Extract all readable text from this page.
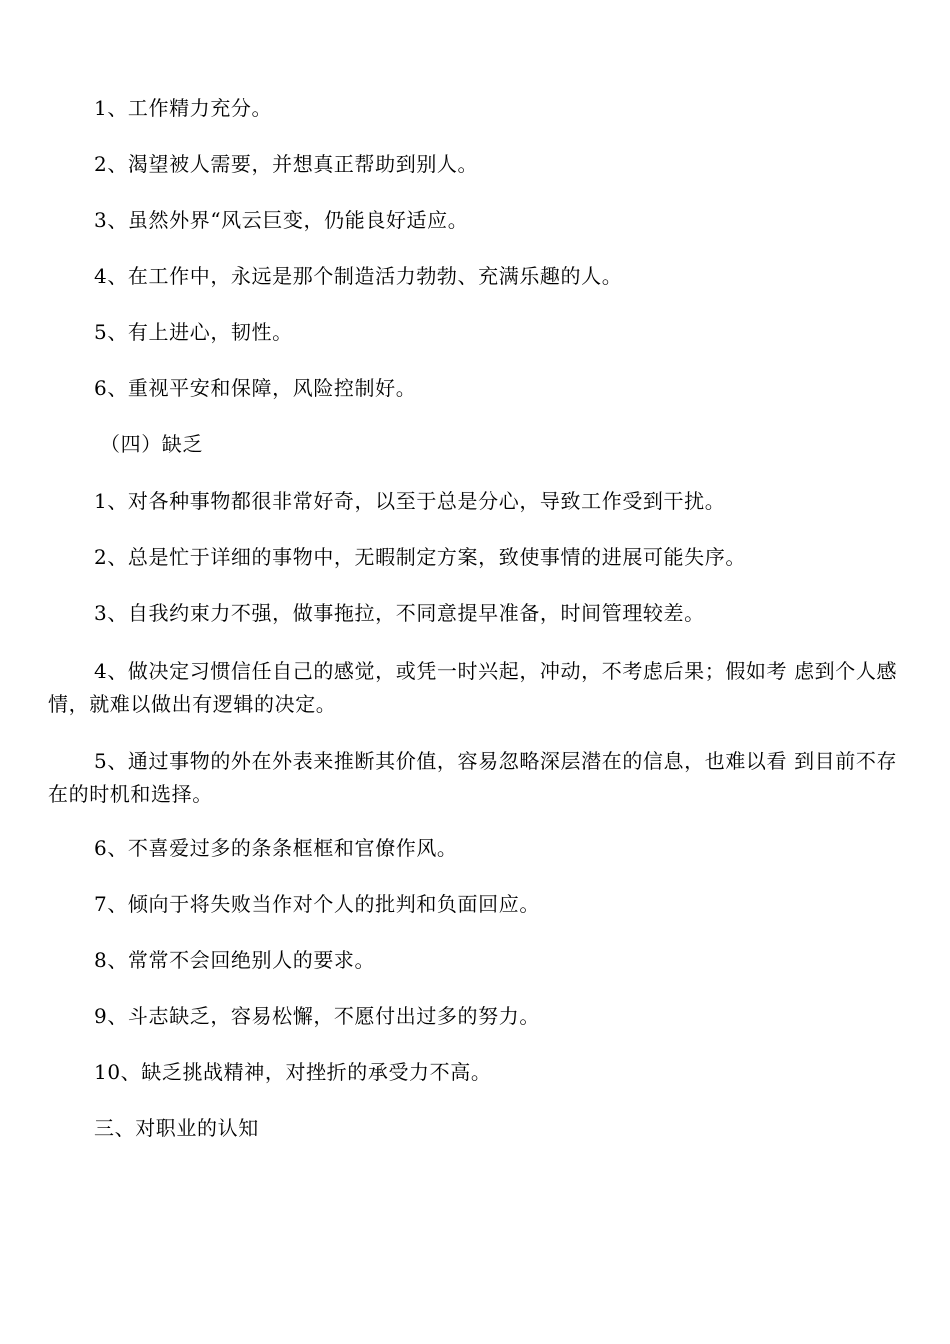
1、工作精力充分。

2、渴望被人需要，并想真正帮助到别人。

3、虽然外界“风云巨变，仍能良好适应。

4、在工作中，永远是那个制造活力勃勃、充满乐趣的人。

5、有上进心，韧性。

6、重视平安和保障，风险控制好。

（四）缺乏

1、对各种事物都很非常好奇，以至于总是分心，导致工作受到干扰。

2、总是忙于详细的事物中，无暇制定方案，致使事情的进展可能失序。

3、自我约束力不强，做事拖拉，不同意提早准备，时间管理较差。

4、做决定习惯信任自己的感觉，或凭一时兴起，冲动，不考虑后果；假如考 虑到个人感情，就难以做出有逻辑的决定。

5、通过事物的外在外表来推断其价值，容易忽略深层潜在的信息，也难以看 到目前不存在的时机和选择。

6、不喜爱过多的条条框框和官僚作风。

7、倾向于将失败当作对个人的批判和负面回应。

8、常常不会回绝别人的要求。

9、斗志缺乏，容易松懈，不愿付出过多的努力。

10、缺乏挑战精神，对挫折的承受力不高。

三、对职业的认知
